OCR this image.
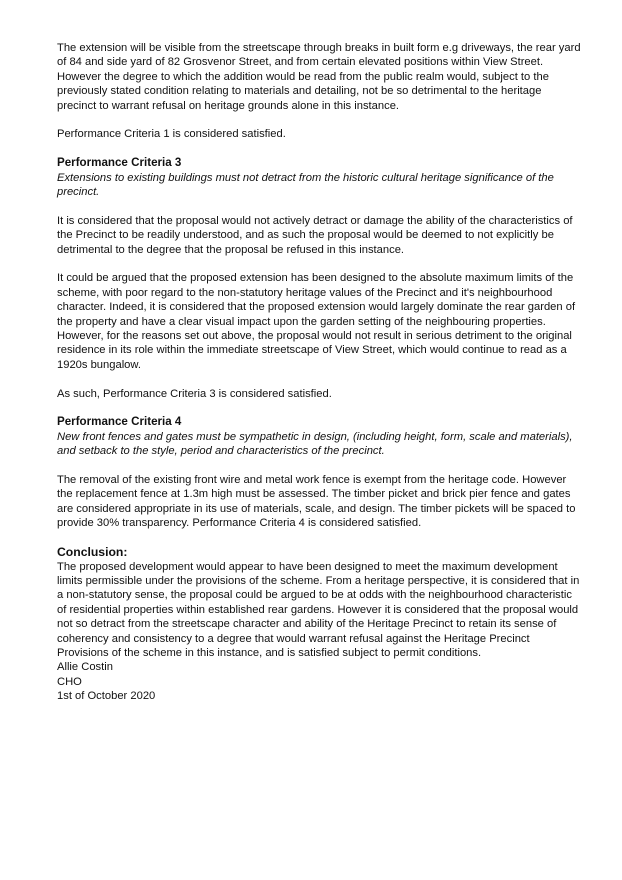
The extension will be visible from the streetscape through breaks in built form e.g driveways, the rear yard of 84 and side yard of 82 Grosvenor Street, and from certain elevated positions within View Street. However the degree to which the addition would be read from the public realm would, subject to the previously stated condition relating to materials and detailing, not be so detrimental to the heritage precinct to warrant refusal on heritage grounds alone in this instance.

Performance Criteria 1 is considered satisfied.

Performance Criteria 3

Extensions to existing buildings must not detract from the historic cultural heritage significance of the precinct.

It is considered that the proposal would not actively detract or damage the ability of the characteristics of the Precinct to be readily understood, and as such the proposal would be deemed to not explicitly be detrimental to the degree that the proposal be refused in this instance.

It could be argued that the proposed extension has been designed to the absolute maximum limits of the scheme, with poor regard to the non-statutory heritage values of the Precinct and it's neighbourhood character. Indeed, it is considered that the proposed extension would largely dominate the rear garden of the property and have a clear visual impact upon the garden setting of the neighbouring properties. However, for the reasons set out above, the proposal would not result in serious detriment to the original residence in its role within the immediate streetscape of View Street, which would continue to read as a 1920s bungalow.

As such, Performance Criteria 3 is considered satisfied.

Performance Criteria 4

New front fences and gates must be sympathetic in design, (including height, form, scale and materials), and setback to the style, period and characteristics of the precinct.

The removal of the existing front wire and metal work fence is exempt from the heritage code. However the replacement fence at 1.3m high must be assessed. The timber picket and brick pier fence and gates are considered appropriate in its use of materials, scale, and design. The timber pickets will be spaced to provide 30% transparency. Performance Criteria 4 is considered satisfied.

Conclusion:

The proposed development would appear to have been designed to meet the maximum development limits permissible under the provisions of the scheme. From a heritage perspective, it is considered that in a non-statutory sense, the proposal could be argued to be at odds with the neighbourhood characteristic of residential properties within established rear gardens. However it is considered that the proposal would not so detract from the streetscape character and ability of the Heritage Precinct to retain its sense of coherency and consistency to a degree that would warrant refusal against the Heritage Precinct Provisions of the scheme in this instance, and is satisfied subject to permit conditions.

Allie Costin

CHO

1st of October 2020
